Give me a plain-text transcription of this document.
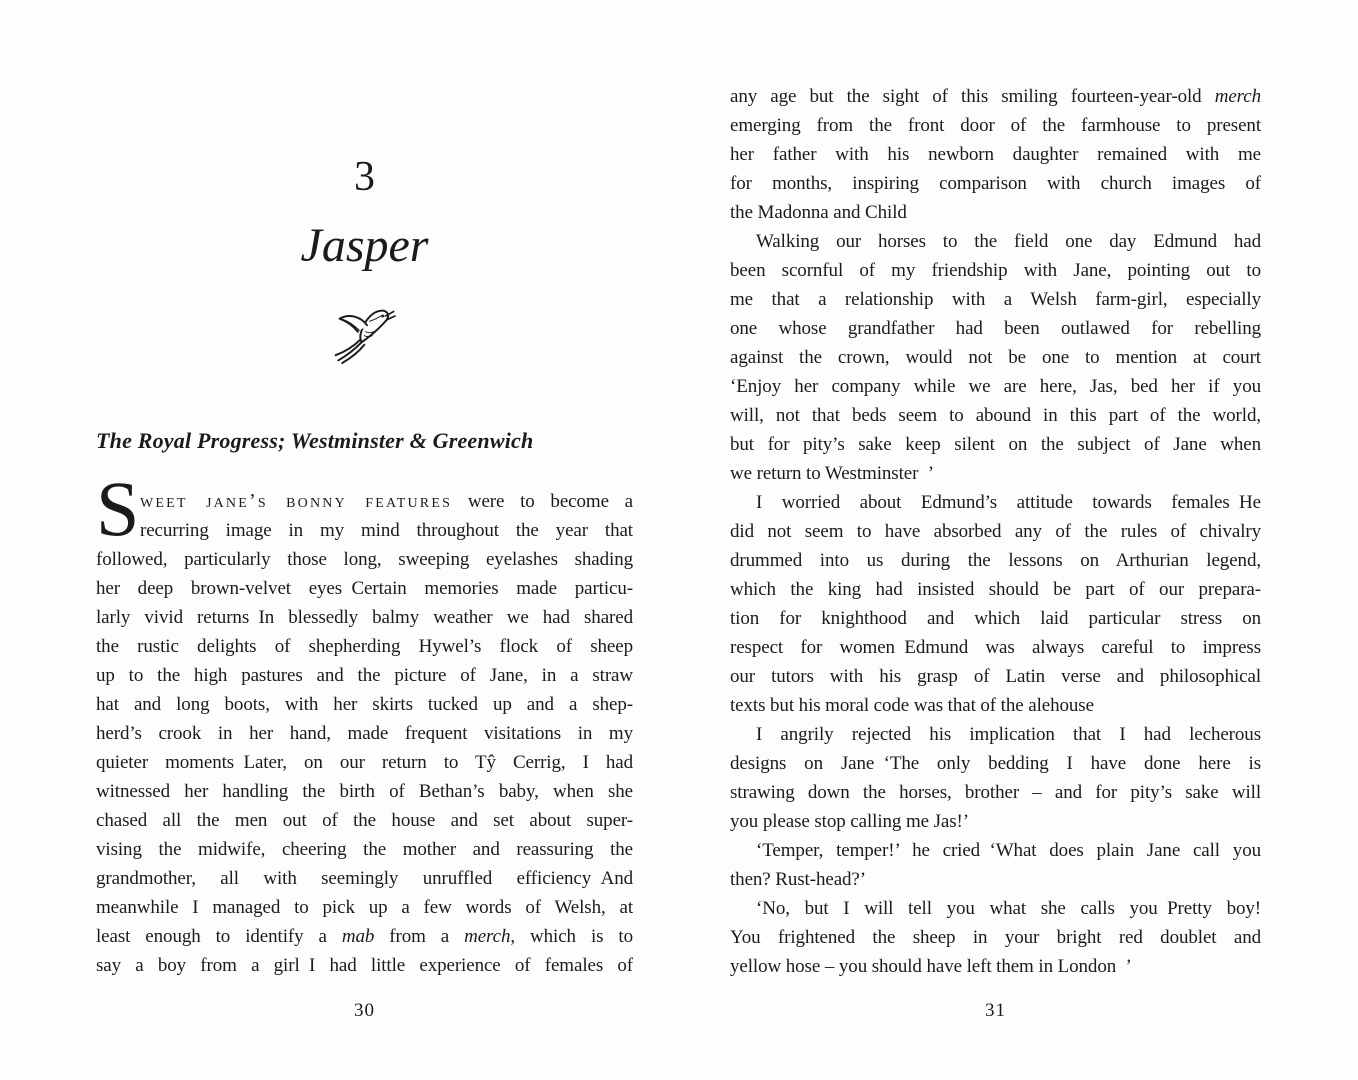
3
Jasper
The Royal Progress; Westminster & Greenwich
S weet jane’s bonny features were to become a
recurring image in my mind throughout the year that
followed, particularly those long, sweeping eyelashes shading
her deep brown-velvet eyes Certain memories made particu-
larly vivid returns In blessedly balmy weather we had shared
the rustic delights of shepherding Hywel’s flock of sheep
up to the high pastures and the picture of Jane, in a straw
hat and long boots, with her skirts tucked up and a shep-
herd’s crook in her hand, made frequent visitations in my
quieter moments Later, on our return to Tŷ Cerrig, I had
witnessed her handling the birth of Bethan’s baby, when she
chased all the men out of the house and set about super-
vising the midwife, cheering the mother and reassuring the
grandmother, all with seemingly unruffled efficiency And
meanwhile I managed to pick up a few words of Welsh, at
least enough to identify a mab from a merch, which is to
say a boy from a girl I had little experience of females of
30
any age but the sight of this smiling fourteen-year-old merch
emerging from the front door of the farmhouse to present
her father with his newborn daughter remained with me
for months, inspiring comparison with church images of
the Madonna and Child
Walking our horses to the field one day Edmund had
been scornful of my friendship with Jane, pointing out to
me that a relationship with a Welsh farm-girl, especially
one whose grandfather had been outlawed for rebelling
against the crown, would not be one to mention at court
‘Enjoy her company while we are here, Jas, bed her if you
will, not that beds seem to abound in this part of the world,
but for pity’s sake keep silent on the subject of Jane when
we return to Westminster ’
I worried about Edmund’s attitude towards females He
did not seem to have absorbed any of the rules of chivalry
drummed into us during the lessons on Arthurian legend,
which the king had insisted should be part of our prepara-
tion for knighthood and which laid particular stress on
respect for women Edmund was always careful to impress
our tutors with his grasp of Latin verse and philosophical
texts but his moral code was that of the alehouse
I angrily rejected his implication that I had lecherous
designs on Jane ‘The only bedding I have done here is
strawing down the horses, brother – and for pity’s sake will
you please stop calling me Jas!’
‘Temper, temper!’ he cried ‘What does plain Jane call you
then? Rust-head?’
‘No, but I will tell you what she calls you Pretty boy!
You frightened the sheep in your bright red doublet and
yellow hose – you should have left them in London ’
31
